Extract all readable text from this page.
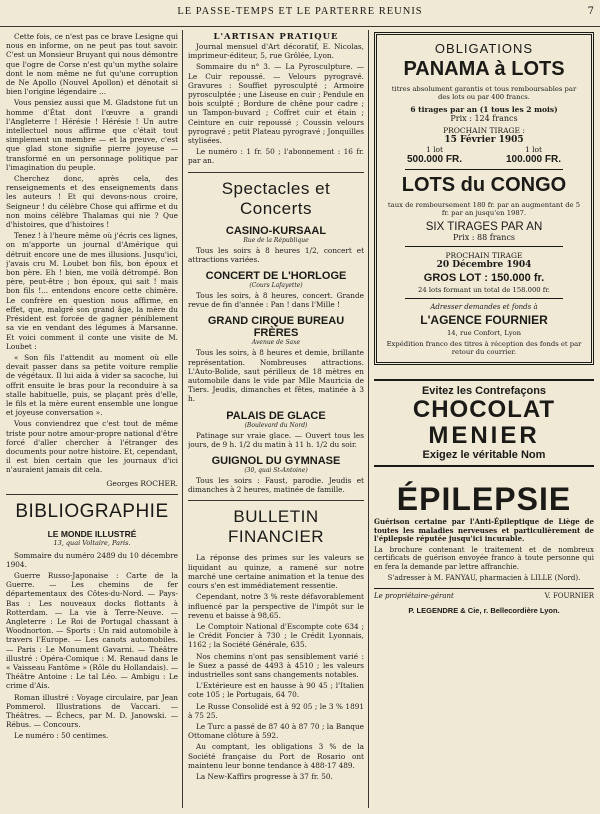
LE PASSE-TEMPS ET LE PARTERRE REUNIS	7

Cette fois, ce n'est pas ce brave Lesigne qui nous en informe, on ne peut pas tout savoir. C'est un Monsieur Bruyant qui nous démontre que l'ogre de Corse n'est qu'un mythe solaire dont le nom même ne fut qu'une corruption de Ne Apollo (Nouvel Apollon) et dénotait si bien l'origine légendaire ...

Vous pensiez aussi que M. Gladstone fut un homme d'État dont l'œuvre a grandi l'Angleterre ! Hérésie ! Hérésie ! Un autre intellectuel nous affirme que c'était tout simplement un membre — et la preuve, c'est que glad stone signifie pierre joyeuse — transformé en un personnage politique par l'imagination du peuple.

Cherchez donc, après cela, des renseignements et des enseignements dans les auteurs ! Et qui devons-nous croire, Seigneur ! du célèbre Chose qui affirme et du non moins célèbre Thalamas qui nie ? Que d'histoires, que d'histoires !

Tenez ! à l'heure même où j'écris ces lignes, on m'apporte un journal d'Amérique qui détruit encore une de mes illusions. Jusqu'ici, j'avais cru M. Loubet bon fils, bon époux et bon père. Eh ! bien, me voilà détrompé. Bon père, peut-être ; bon époux, qui sait ! mais bon fils !... entendons encore cette chimère. Le confrère en question nous affirme, en effet, que, malgré son grand âge, la mère du Président est forcée de gagner péniblement sa vie en vendant des légumes à Marsanne. Et voici comment il conte une visite de M. Loubet :

« Son fils l'attendit au moment où elle devait passer dans sa petite voiture remplie de végétaux. Il lui aida à vider sa sacoche, lui offrit ensuite le bras pour la reconduire à sa stalle habituelle, puis, se plaçant près d'elle, le fils et la mère eurent ensemble une longue et joyeuse conversation ».

Vous conviendrez que c'est tout de même triste pour notre amour-propre national d'être forcé d'aller chercher à l'étranger des documents pour notre histoire. Et, cependant, il est bien certain que les journaux d'ici n'auraient jamais dit cela.

Georges ROCHER.
BIBLIOGRAPHIE
LE MONDE ILLUSTRÉ
13, quai Voltaire, Paris.

Sommaire du numéro 2489 du 10 décembre 1904.

Guerre Russo-Japonaise : Carte de la Guerre. — Les chemins de fer départementaux des Côtes-du-Nord. — Pays-Bas : Les nouveaux docks flottants à Rotterdam. — La vie à Terre-Neuve. — Angleterre : Le Roi de Portugal chassant à Woodnorton. — Sports : Un raid automobile à travers l'Europe. — Les canots automobiles. — Paris : Le Monument Gavarni. — Théâtre illustré : Opéra-Comique : M. Renaud dans le « Vaisseau Fantôme » (Rôle du Hollandais). — Théâtre Antoine : Le tal Léo. — Ambigu : Le crime d'Ais.

Roman illustré : Voyage circulaire, par Jean Pommerol. Illustrations de Vaccari. — Théâtres. — Échecs, par M. D. Janowski. — Rébus. — Concours.

Le numéro : 50 centimes.

L'ARTISAN PRATIQUE

Journal mensuel d'Art décoratif, E. Nicolas, imprimeur-éditeur, 5, rue Grôlée, Lyon.

Sommaire du n° 3. — La Pyrosculpture. — Le Cuir repoussé. — Velours pyrogravé. Gravures : Souffiet pyrosculpté ; Armoire pyrosculptée ; une Liseuse en cuir ; Pendule en bois sculpté ; Bordure de chêne pour cadre ; un Tampon-buvard ; Coffret cuir et étain ; Ceinture en cuir repoussé ; Coussin velours pyrogravé ; petit Plateau pyrogravé ; Jonquilles stylisées.

Le numéro : 1 fr. 50 ; l'abonnement : 16 fr. par an.

Spectacles et Concerts
CASINO-KURSAAL
Rue de la République

Tous les soirs à 8 heures 1/2, concert et attractions variées.

CONCERT DE L'HORLOGE
(Cours Lafayette)

Tous les soirs, à 8 heures, concert. Grande revue de fin d'année : Pan ! dans l'Mille !

GRAND CIRQUE BUREAU FRÈRES
Avenue de Saxe

Tous les soirs, à 8 heures et demie, brillante représentation. Nombreuses attractions. L'Auto-Bolide, saut périlleux de 18 mètres en automobile dans le vide par Mlle Mauricia de Tiers. Jeudis, dimanches et fêtes, matinée à 3 h.

PALAIS DE GLACE
(Boulevard du Nord)

Patinage sur vraie glace. — Ouvert tous les jours, de 9 h. 1/2 du matin à 11 h. 1/2 du soir.

GUIGNOL DU GYMNASE
(30, quai St-Antoine)

Tous les soirs : Faust, parodie. Jeudis et dimanches à 2 heures, matinée de famille.

BULLETIN FINANCIER

La réponse des primes sur les valeurs se liquidant au quinze, a ramené sur notre marché une certaine animation et la tenue des cours s'en est immédiatement ressentie.

Cependant, notre 3 % reste défavorablement influencé par la perspective de l'impôt sur le revenu et baisse à 98,65.

Le Comptoir National d'Escompte cote 634 ; le Crédit Foncier à 730 ; le Crédit Lyonnais, 1162 ; la Société Générale, 635.

Nos chemins n'ont pas sensiblement varié : le Suez a passé de 4493 à 4510 ; les valeurs industrielles sont sans changements notables.

L'Extérieure est en hausse à 90 45 ; l'Italien cote 105 ; le Portugais, 64 70.

Le Russe Consolidé est à 92 05 ; le 3 % 1891 à 75 25.

Le Turc a passé de 87 40 à 87 70 ; la Banque Ottomane clôture à 592.

Au comptant, les obligations 3 % de la Société française du Port de Rosario ont maintenu leur bonne tendance à 488-17 489.

La New-Kaffirs progresse à 37 fr. 50.

OBLIGATIONS
PANAMA à LOTS
titres absolument garantis et tous remboursables par des lots ou par 400 francs.
6 tirages par an (1 tous les 2 mois)
Prix : 124 francs
PROCHAIN TIRAGE :
15 Février 1905
1 lot
500.000 FR.
1 lot
100.000 FR.
LOTS du CONGO
taux de remboursement 180 fr. par an augmentant de 5 fr. par an jusqu'en 1987.
SIX TIRAGES PAR AN
Prix : 88 francs
PROCHAIN TIRAGE
20 Décembre 1904
GROS LOT : 150.000 fr.
24 lots formant un total de 158.000 fr.
Adresser demandes et fonds à
L'AGENCE FOURNIER
14, rue Confort, Lyon
Expédition franco des titres à réception des fonds et par retour du courrier.
Evitez les Contrefaçons
CHOCOLAT
MENIER
Exigez le véritable Nom
ÉPILEPSIE

Guérison certaine par l'Anti-Épileptique de Liège de toutes les maladies nerveuses et particulièrement de l'épilepsie réputée jusqu'ici incurable.

La brochure contenant le traitement et de nombreux certificats de guérison envoyée franco à toute personne qui en fera la demande par lettre affranchie.

S'adresser à M. FANYAU, pharmacien à LILLE (Nord).

Le propriétaire-gérant	V. FOURNIER
P. LEGENDRE & Cie, r. Bellecordière Lyon.
